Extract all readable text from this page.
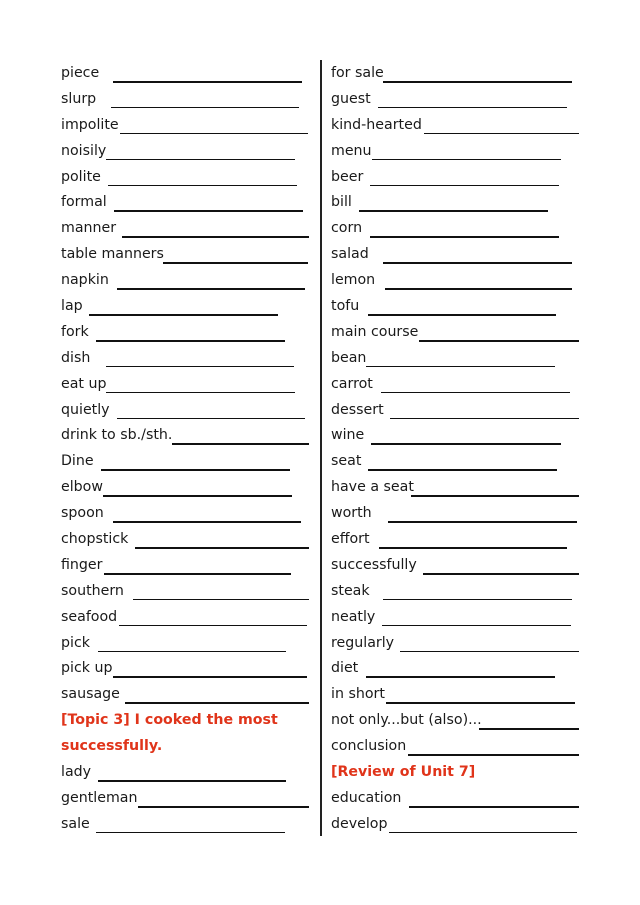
piece
slurp
impolite
noisily
polite
formal
manner
table manners
napkin
lap
fork
dish
eat up
quietly
drink to sb./sth.
Dine
elbow
spoon
chopstick
finger
southern
seafood
pick
pick up
sausage
[Topic 3] I cooked the most
successfully.
lady
gentleman
sale
for sale
guest
kind-hearted
menu
beer
bill
corn
salad
lemon
tofu
main course
bean
carrot
dessert
wine
seat
have a seat
worth
effort
successfully
steak
neatly
regularly
diet
in short
not only...but (also)...
conclusion
[Review of Unit 7]
education
develop
